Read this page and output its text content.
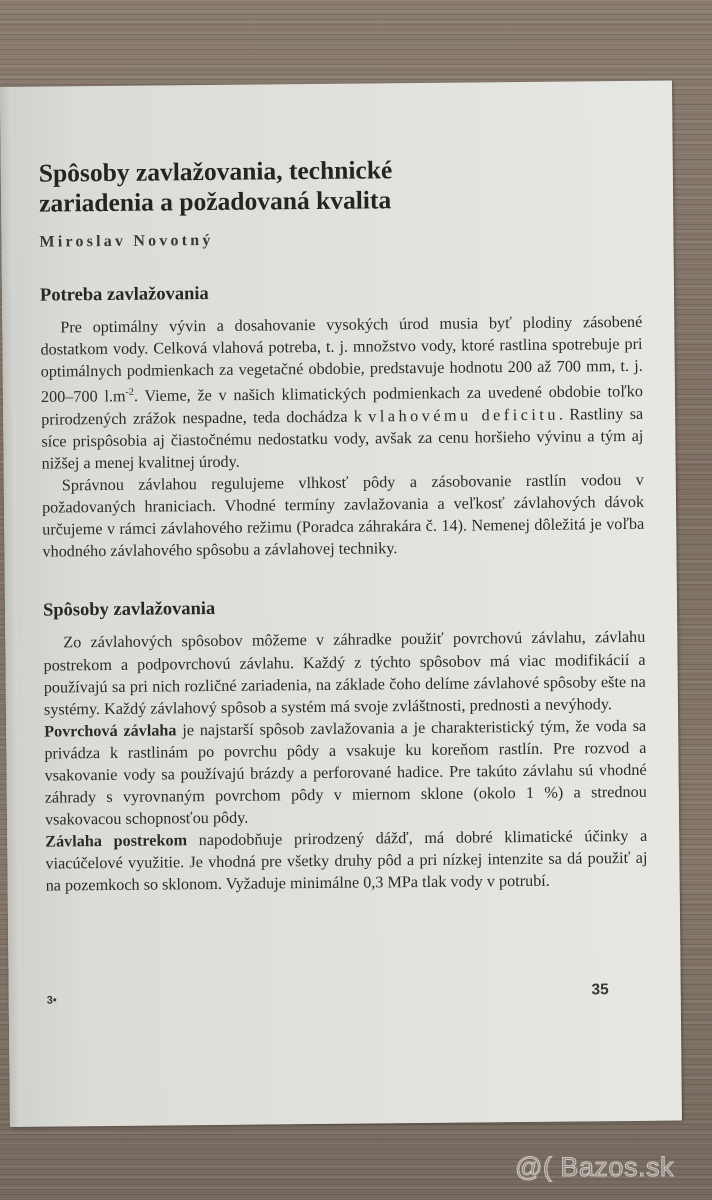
Spôsoby zavlažovania, technické
zariadenia a požadovaná kvalita
Miroslav Novotný
Potreba zavlažovania

Pre optimálny vývin a dosahovanie vysokých úrod musia byť plodiny zásobené dostatkom vody. Celková vlahová potreba, t. j. množstvo vody, ktoré rastlina spotrebuje pri optimálnych podmienkach za vegetačné obdobie, predstavuje hodnotu 200 až 700 mm, t. j. 200–700 $l.m^{-2}$. Vieme, že v našich klimatických podmienkach za uvedené obdobie toľko prirodzených zrážok nespadne, teda dochádza k vlahovému deficitu. Rastliny sa síce prispôsobia aj čiastočnému nedostatku vody, avšak za cenu horšieho vývinu a tým aj nižšej a menej kvalitnej úrody.

Správnou závlahou regulujeme vlhkosť pôdy a zásobovanie rastlín vodou v požadovaných hraniciach. Vhodné termíny zavlažovania a veľkosť závlahových dávok určujeme v rámci závlahového režimu (Poradca záhrakára č. 14). Nemenej dôležitá je voľba vhodného závlahového spôsobu a závlahovej techniky.

Spôsoby zavlažovania

Zo závlahových spôsobov môžeme v záhradke použiť povrchovú závlahu, závlahu postrekom a podpovrchovú závlahu. Každý z týchto spôsobov má viac modifikácií a používajú sa pri nich rozličné zariadenia, na základe čoho delíme závlahové spôsoby ešte na systémy. Každý závlahový spôsob a systém má svoje zvláštnosti, prednosti a nevýhody.

Povrchová závlaha je najstarší spôsob zavlažovania a je charakteristický tým, že voda sa privádza k rastlinám po povrchu pôdy a vsakuje ku koreňom rastlín. Pre rozvod a vsakovanie vody sa používajú brázdy a perforované hadice. Pre takúto závlahu sú vhodné záhrady s vyrovnaným povrchom pôdy v miernom sklone (okolo 1 %) a strednou vsakovacou schopnosťou pôdy.

Závlaha postrekom napodobňuje prirodzený dážď, má dobré klimatické účinky a viacúčelové využitie. Je vhodná pre všetky druhy pôd a pri nízkej intenzite sa dá použiť aj na pozemkoch so sklonom. Vyžaduje minimálne 0,3 MPa tlak vody v potrubí.

3•
35
@( Bazos.sk
